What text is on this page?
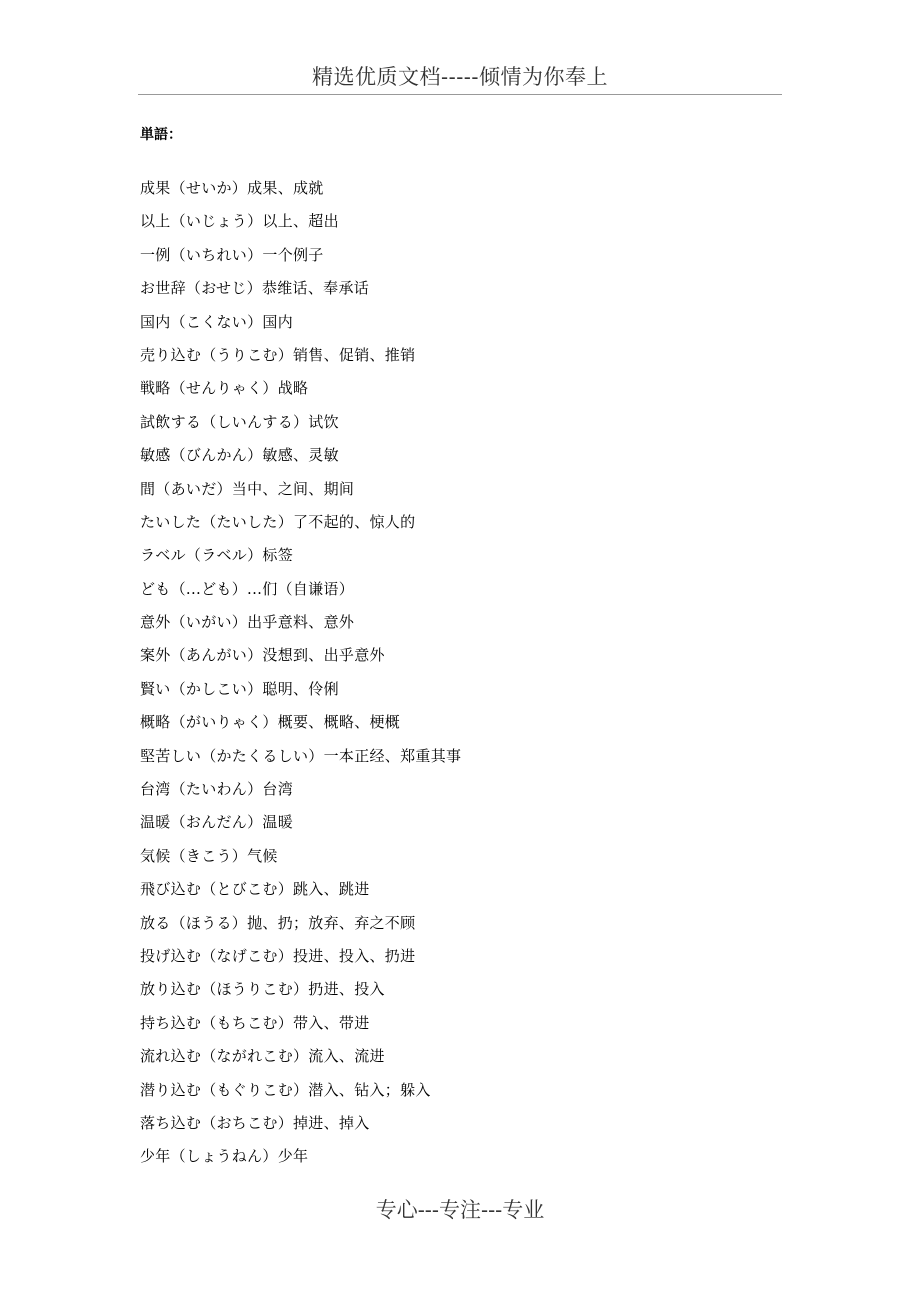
精选优质文档-----倾情为你奉上
単語：
成果（せいか）成果、成就
以上（いじょう）以上、超出
一例（いちれい）一个例子
お世辞（おせじ）恭维话、奉承话
国内（こくない）国内
売り込む（うりこむ）销售、促销、推销
戦略（せんりゃく）战略
試飲する（しいんする）试饮
敏感（びんかん）敏感、灵敏
間（あいだ）当中、之间、期间
たいした（たいした）了不起的、惊人的
ラベル（ラベル）标签
ども（...ども）...们（自谦语）
意外（いがい）出乎意料、意外
案外（あんがい）没想到、出乎意外
賢い（かしこい）聪明、伶俐
概略（がいりゃく）概要、概略、梗概
堅苦しい（かたくるしい）一本正经、郑重其事
台湾（たいわん）台湾
温暖（おんだん）温暖
気候（きこう）气候
飛び込む（とびこむ）跳入、跳进
放る（ほうる）抛、扔；放弃、弃之不顾
投げ込む（なげこむ）投进、投入、扔进
放り込む（ほうりこむ）扔进、投入
持ち込む（もちこむ）带入、带进
流れ込む（ながれこむ）流入、流进
潜り込む（もぐりこむ）潜入、钻入；躲入
落ち込む（おちこむ）掉进、掉入
少年（しょうねん）少年
专心---专注---专业
